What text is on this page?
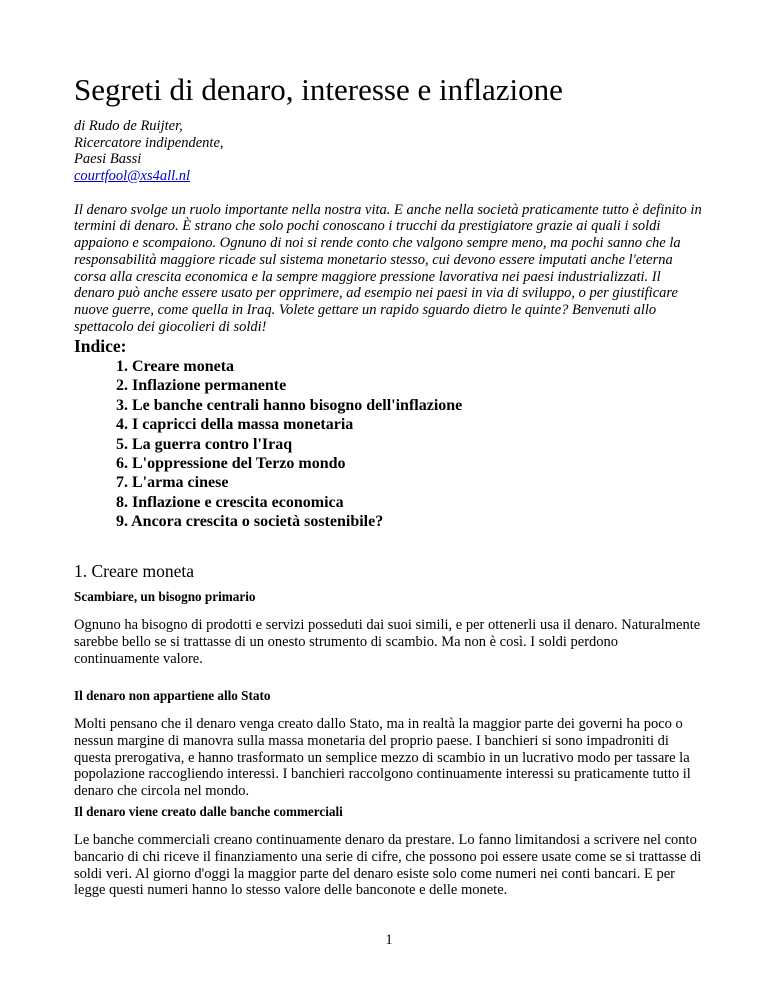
Segreti di denaro, interesse e inflazione
di Rudo de Ruijter,
Ricercatore indipendente,
Paesi Bassi
courtfool@xs4all.nl

Il denaro svolge un ruolo importante nella nostra vita. E anche nella società praticamente tutto è definito in termini di denaro. È strano che solo pochi conoscano i trucchi da prestigiatore grazie ai quali i soldi appaiono e scompaiono. Ognuno di noi si rende conto che valgono sempre meno, ma pochi sanno che la responsabilità maggiore ricade sul sistema monetario stesso, cui devono essere imputati anche l'eterna corsa alla crescita economica e la sempre maggiore pressione lavorativa nei paesi industrializzati. Il denaro può anche essere usato per opprimere, ad esempio nei paesi in via di sviluppo, o per giustificare nuove guerre, come quella in Iraq. Volete gettare un rapido sguardo dietro le quinte? Benvenuti allo spettacolo dei giocolieri di soldi!

Indice:
1. Creare moneta
2. Inflazione permanente
3. Le banche centrali hanno bisogno dell'inflazione
4. I capricci della massa monetaria
5. La guerra contro l'Iraq
6. L'oppressione del Terzo mondo
7. L'arma cinese
8. Inflazione e crescita economica
9. Ancora crescita o società sostenibile?
1. Creare moneta
Scambiare, un bisogno primario

Ognuno ha bisogno di prodotti e servizi posseduti dai suoi simili, e per ottenerli usa il denaro. Naturalmente sarebbe bello se si trattasse di un onesto strumento di scambio. Ma non è così. I soldi perdono continuamente valore.

Il denaro non appartiene allo Stato

Molti pensano che il denaro venga creato dallo Stato, ma in realtà la maggior parte dei governi ha poco o nessun margine di manovra sulla massa monetaria del proprio paese. I banchieri si sono impadroniti di questa prerogativa, e hanno trasformato un semplice mezzo di scambio in un lucrativo modo per tassare la popolazione raccogliendo interessi. I banchieri raccolgono continuamente interessi su praticamente tutto il denaro che circola nel mondo.

Il denaro viene creato dalle banche commerciali

Le banche commerciali creano continuamente denaro da prestare. Lo fanno limitandosi a scrivere nel conto bancario di chi riceve il finanziamento una serie di cifre, che possono poi essere usate come se si trattasse di soldi veri. Al giorno d'oggi la maggior parte del denaro esiste solo come numeri nei conti bancari. E per legge questi numeri hanno lo stesso valore delle banconote e delle monete.

1
